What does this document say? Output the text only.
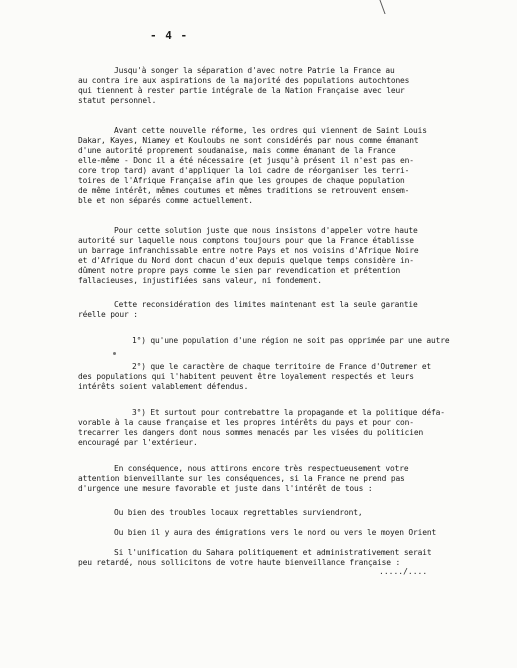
- 4 -
Jusqu'à songer la séparation d'avec notre Patrie la France au
au contra ire aux aspirations de la majorité des populations autochtones
qui tiennent à rester partie intégrale de la Nation Française avec leur
statut personnel.
Avant cette nouvelle réforme, les ordres qui viennent de Saint Louis
Dakar, Kayes, Niamey et Kouloubs ne sont considérés par nous comme émanant
d'une autorité proprement soudanaise, mais comme émanant de la France
elle-même - Donc il a été nécessaire (et jusqu'à présent il n'est pas en-
core trop tard) avant d'appliquer la loi cadre de réorganiser les terri-
toires de l'Afrique Française afin que les groupes de chaque population
de même intérêt, mêmes coutumes et mêmes traditions se retrouvent ensem-
ble et non séparés comme actuellement.
Pour cette solution juste que nous insistons d'appeler votre haute
autorité sur laquelle nous comptons toujours pour que la France établisse
un barrage infranchissable entre notre Pays et nos voisins d'Afrique Noire
et d'Afrique du Nord dont chacun d'eux depuis quelque temps considère in-
dûment notre propre pays comme le sien par revendication et prétention
fallacieuses, injustifiées sans valeur, ni fondement.
Cette reconsidération des limites maintenant est la seule garantie
réelle pour :
1°) qu'une population d'une région ne soit pas opprimée par une autre
2°) que le caractère de chaque territoire de France d'Outremer et
des populations qui l'habitent peuvent être loyalement respectés et leurs
intérêts soient valablement défendus.
3°) Et surtout pour contrebattre la propagande et la politique défa-
vorable à la cause française et les propres intérêts du pays et pour con-
trecarrer les dangers dont nous sommes menacés par les visées du politicien
encouragé par l'extérieur.
En conséquence, nous attirons encore très respectueusement votre
attention bienveillante sur les conséquences, si la France ne prend pas
d'urgence une mesure favorable et juste dans l'intérêt de tous :
Ou bien des troubles locaux regrettables surviendront,
Ou bien il y aura des émigrations vers le nord ou vers le moyen Orient
Si l'unification du Sahara politiquement et administrativement serait
peu retardé, nous sollicitons de votre haute bienveillance française :
...../....
